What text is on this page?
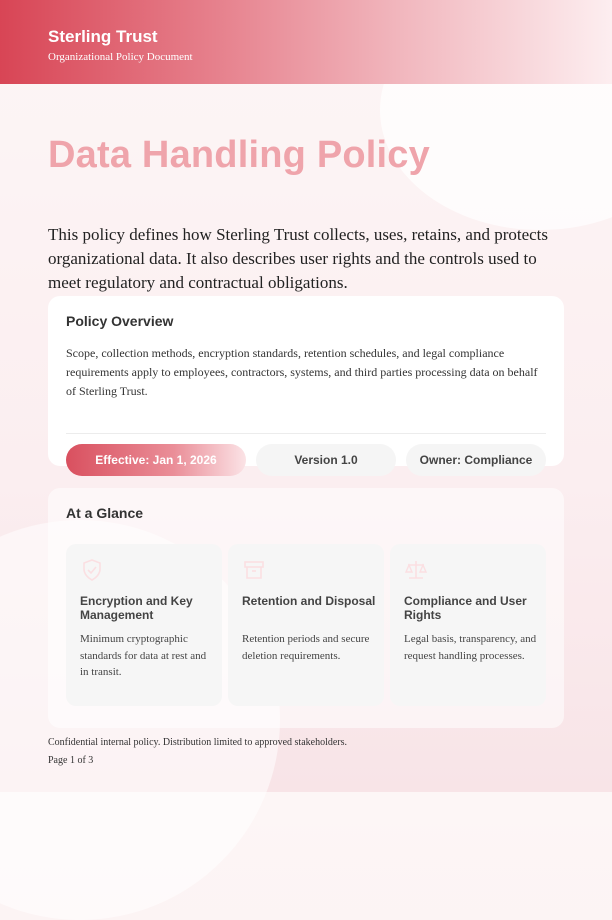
Sterling Trust
Organizational Policy Document
Data Handling Policy
This policy defines how Sterling Trust collects, uses, retains, and protects organizational data. It also describes user rights and the controls used to meet regulatory and contractual obligations.
Policy Overview

Scope, collection methods, encryption standards, retention schedules, and legal compliance requirements apply to employees, contractors, systems, and third parties processing data on behalf of Sterling Trust.

Effective: Jan 1, 2026	Version 1.0	Owner: Compliance
At a Glance
Encryption and Key Management

Minimum cryptographic standards for data at rest and in transit.

Retention and Disposal

Retention periods and secure deletion requirements.

Compliance and User Rights

Legal basis, transparency, and request handling processes.

Confidential internal policy. Distribution limited to approved stakeholders.
Page 1 of 3
